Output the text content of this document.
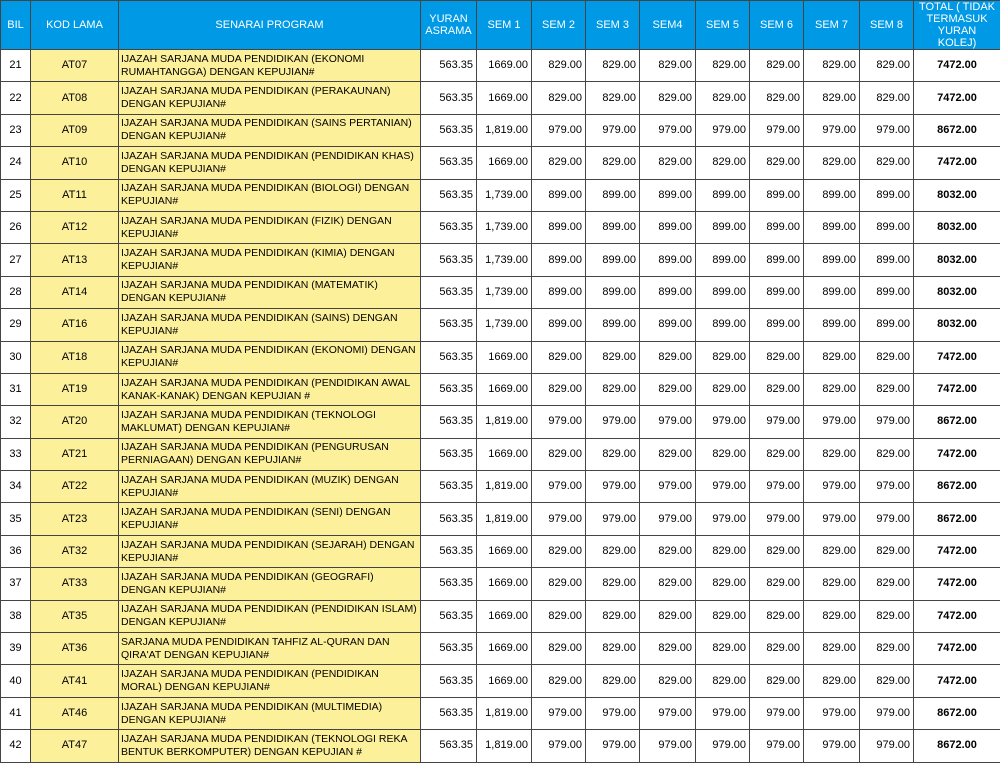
BIL	KOD LAMA	SENARAI PROGRAM	YURAN ASRAMA	SEM 1	SEM 2	SEM 3	SEM4	SEM 5	SEM 6	SEM 7	SEM 8	TOTAL ( TIDAK TERMASUK YURAN KOLEJ)
21	AT07	IJAZAH SARJANA MUDA PENDIDIKAN (EKONOMI RUMAHTANGGA) DENGAN KEPUJIAN#	563.35	1669.00	829.00	829.00	829.00	829.00	829.00	829.00	829.00	7472.00
22	AT08	IJAZAH SARJANA MUDA PENDIDIKAN (PERAKAUNAN) DENGAN KEPUJIAN#	563.35	1669.00	829.00	829.00	829.00	829.00	829.00	829.00	829.00	7472.00
23	AT09	IJAZAH SARJANA MUDA PENDIDIKAN (SAINS PERTANIAN) DENGAN KEPUJIAN#	563.35	1,819.00	979.00	979.00	979.00	979.00	979.00	979.00	979.00	8672.00
24	AT10	IJAZAH SARJANA MUDA PENDIDIKAN (PENDIDIKAN KHAS) DENGAN KEPUJIAN#	563.35	1669.00	829.00	829.00	829.00	829.00	829.00	829.00	829.00	7472.00
25	AT11	IJAZAH SARJANA MUDA PENDIDIKAN (BIOLOGI) DENGAN KEPUJIAN#	563.35	1,739.00	899.00	899.00	899.00	899.00	899.00	899.00	899.00	8032.00
26	AT12	IJAZAH SARJANA MUDA PENDIDIKAN (FIZIK) DENGAN KEPUJIAN#	563.35	1,739.00	899.00	899.00	899.00	899.00	899.00	899.00	899.00	8032.00
27	AT13	IJAZAH SARJANA MUDA PENDIDIKAN (KIMIA) DENGAN KEPUJIAN#	563.35	1,739.00	899.00	899.00	899.00	899.00	899.00	899.00	899.00	8032.00
28	AT14	IJAZAH SARJANA MUDA PENDIDIKAN (MATEMATIK) DENGAN KEPUJIAN#	563.35	1,739.00	899.00	899.00	899.00	899.00	899.00	899.00	899.00	8032.00
29	AT16	IJAZAH SARJANA MUDA PENDIDIKAN (SAINS) DENGAN KEPUJIAN#	563.35	1,739.00	899.00	899.00	899.00	899.00	899.00	899.00	899.00	8032.00
30	AT18	IJAZAH SARJANA MUDA PENDIDIKAN (EKONOMI) DENGAN KEPUJIAN#	563.35	1669.00	829.00	829.00	829.00	829.00	829.00	829.00	829.00	7472.00
31	AT19	IJAZAH SARJANA MUDA PENDIDIKAN (PENDIDIKAN AWAL KANAK-KANAK) DENGAN KEPUJIAN #	563.35	1669.00	829.00	829.00	829.00	829.00	829.00	829.00	829.00	7472.00
32	AT20	IJAZAH SARJANA MUDA PENDIDIKAN (TEKNOLOGI MAKLUMAT) DENGAN KEPUJIAN#	563.35	1,819.00	979.00	979.00	979.00	979.00	979.00	979.00	979.00	8672.00
33	AT21	IJAZAH SARJANA MUDA PENDIDIKAN (PENGURUSAN PERNIAGAAN) DENGAN KEPUJIAN#	563.35	1669.00	829.00	829.00	829.00	829.00	829.00	829.00	829.00	7472.00
34	AT22	IJAZAH SARJANA MUDA PENDIDIKAN (MUZIK) DENGAN KEPUJIAN#	563.35	1,819.00	979.00	979.00	979.00	979.00	979.00	979.00	979.00	8672.00
35	AT23	IJAZAH SARJANA MUDA PENDIDIKAN (SENI) DENGAN KEPUJIAN#	563.35	1,819.00	979.00	979.00	979.00	979.00	979.00	979.00	979.00	8672.00
36	AT32	IJAZAH SARJANA MUDA PENDIDIKAN (SEJARAH) DENGAN KEPUJIAN#	563.35	1669.00	829.00	829.00	829.00	829.00	829.00	829.00	829.00	7472.00
37	AT33	IJAZAH SARJANA MUDA PENDIDIKAN (GEOGRAFI) DENGAN KEPUJIAN#	563.35	1669.00	829.00	829.00	829.00	829.00	829.00	829.00	829.00	7472.00
38	AT35	IJAZAH SARJANA MUDA PENDIDIKAN (PENDIDIKAN ISLAM) DENGAN KEPUJIAN#	563.35	1669.00	829.00	829.00	829.00	829.00	829.00	829.00	829.00	7472.00
39	AT36	SARJANA MUDA PENDIDIKAN TAHFIZ AL-QURAN DAN QIRA'AT DENGAN KEPUJIAN#	563.35	1669.00	829.00	829.00	829.00	829.00	829.00	829.00	829.00	7472.00
40	AT41	IJAZAH SARJANA MUDA PENDIDIKAN (PENDIDIKAN MORAL) DENGAN KEPUJIAN#	563.35	1669.00	829.00	829.00	829.00	829.00	829.00	829.00	829.00	7472.00
41	AT46	IJAZAH SARJANA MUDA PENDIDIKAN (MULTIMEDIA) DENGAN KEPUJIAN#	563.35	1,819.00	979.00	979.00	979.00	979.00	979.00	979.00	979.00	8672.00
42	AT47	IJAZAH SARJANA MUDA PENDIDIKAN (TEKNOLOGI REKA BENTUK BERKOMPUTER) DENGAN KEPUJIAN #	563.35	1,819.00	979.00	979.00	979.00	979.00	979.00	979.00	979.00	8672.00
